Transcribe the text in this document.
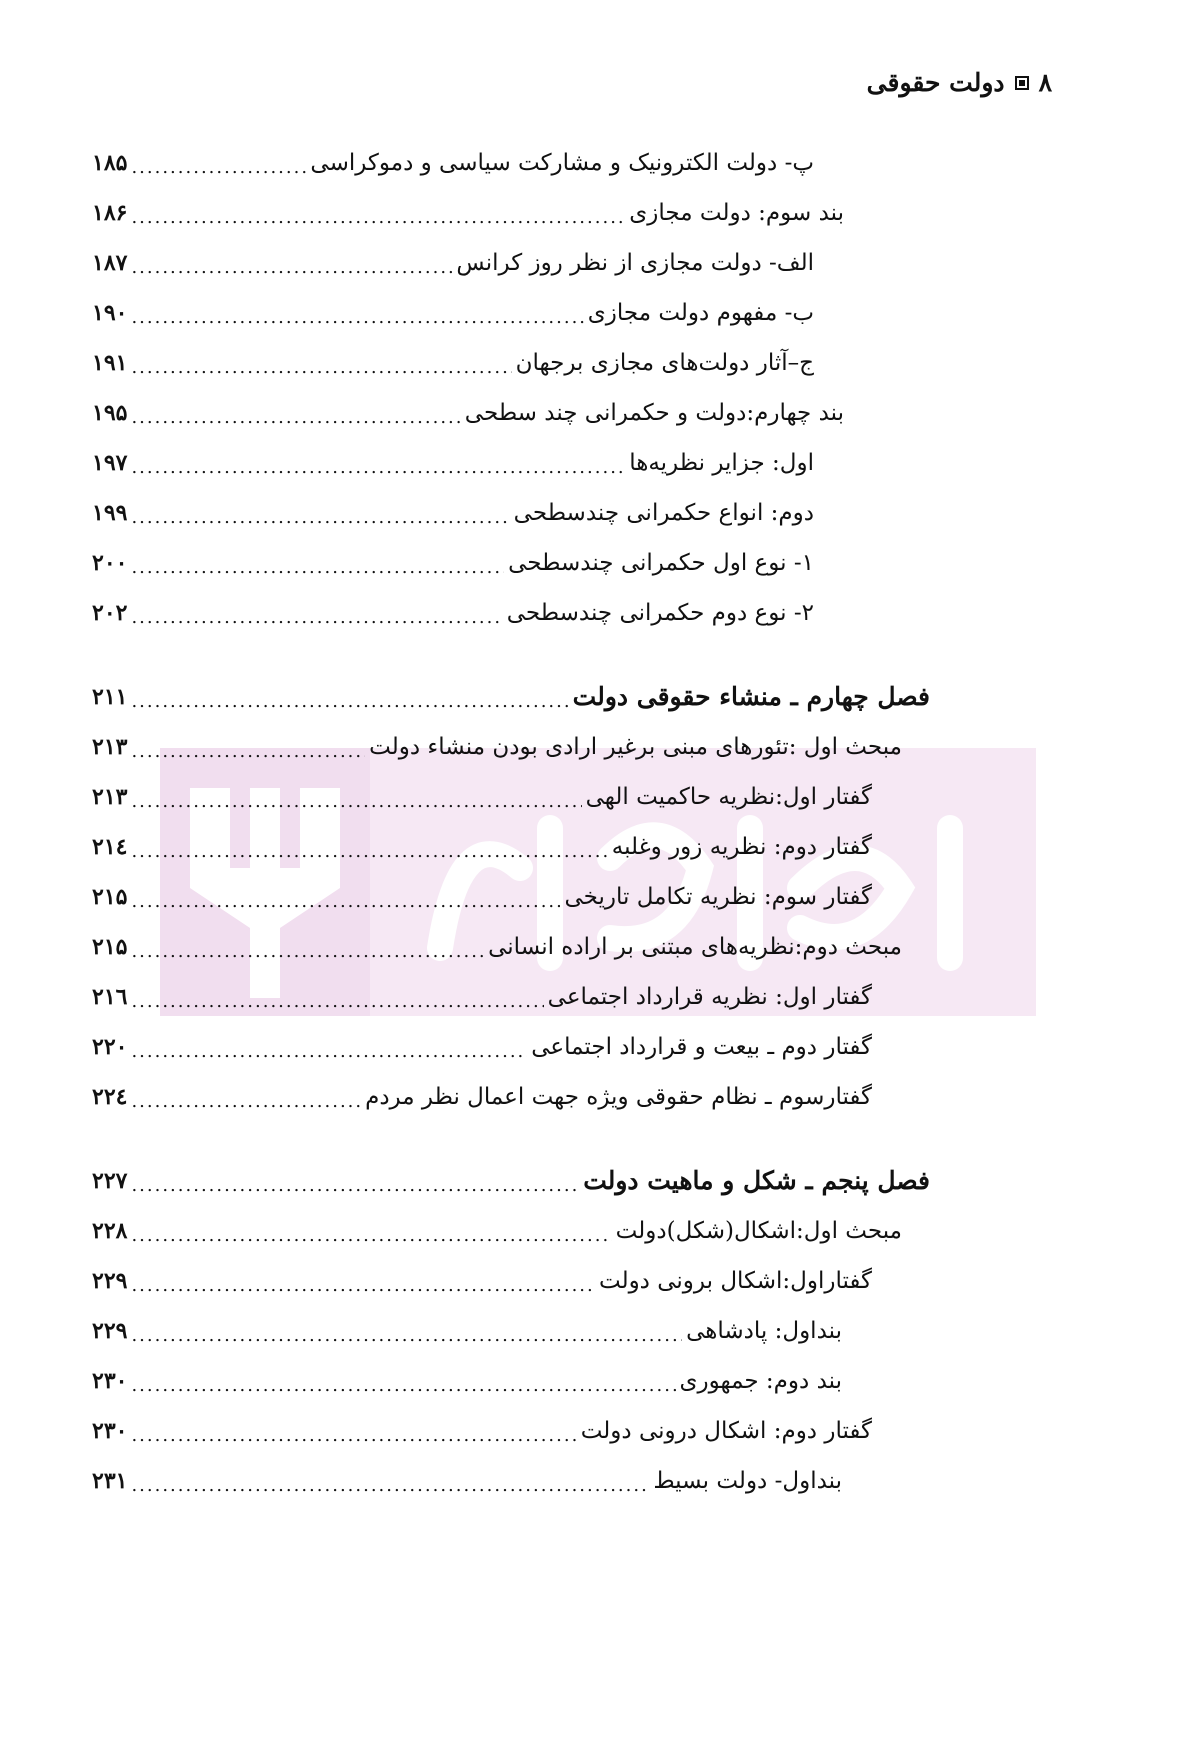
۸
دولت حقوقی
پ- دولت الکترونیک و مشارکت سیاسی و دموکراسی
.....
۱۸۵
بند سوم: دولت مجازی
.....
۱۸۶
الف- دولت مجازی از نظر روز کرانس
.....
۱۸۷
ب- مفهوم دولت مجازی
.....
۱۹۰
ج–آثار دولت‌های مجازی برجهان
.....
۱۹۱
بند چهارم:دولت و حکمرانی چند سطحی
.....
۱۹۵
اول: جزایر نظریه‌ها
.....
۱۹۷
دوم: انواع حکمرانی چندسطحی
.....
۱۹۹
۱- نوع اول حکمرانی چندسطحی
.....
۲۰۰
۲- نوع دوم حکمرانی چندسطحی
.....
۲۰۲
فصل چهارم ـ منشاء حقوقی دولت
.....
۲۱۱
مبحث اول :تئورهای مبنی برغیر ارادی بودن منشاء دولت
.....
۲۱۳
گفتار اول:نظریه حاکمیت الهی
.....
۲۱۳
گفتار دوم: نظریه زور وغلبه
.....
۲۱٤
گفتار سوم: نظریه تکامل تاریخی
.....
۲۱۵
مبحث دوم:نظریه‌های مبتنی بر اراده انسانی
.....
۲۱۵
گفتار اول: نظریه قرارداد اجتماعی
.....
۲۱٦
گفتار دوم ـ بیعت و قرارداد اجتماعی
.....
۲۲۰
گفتارسوم ـ نظام حقوقی ویژه جهت اعمال نظر مردم
.....
۲۲٤
فصل پنجم ـ شکل و ماهیت دولت
.....
۲۲۷
مبحث اول:اشکال(شکل)دولت
.....
۲۲۸
گفتاراول:اشکال برونی دولت
.....
۲۲۹
بنداول: پادشاهی
.....
۲۲۹
بند دوم: جمهوری
.....
۲۳۰
گفتار دوم: اشکال درونی دولت
.....
۲۳۰
بنداول- دولت بسیط
.....
۲۳۱
